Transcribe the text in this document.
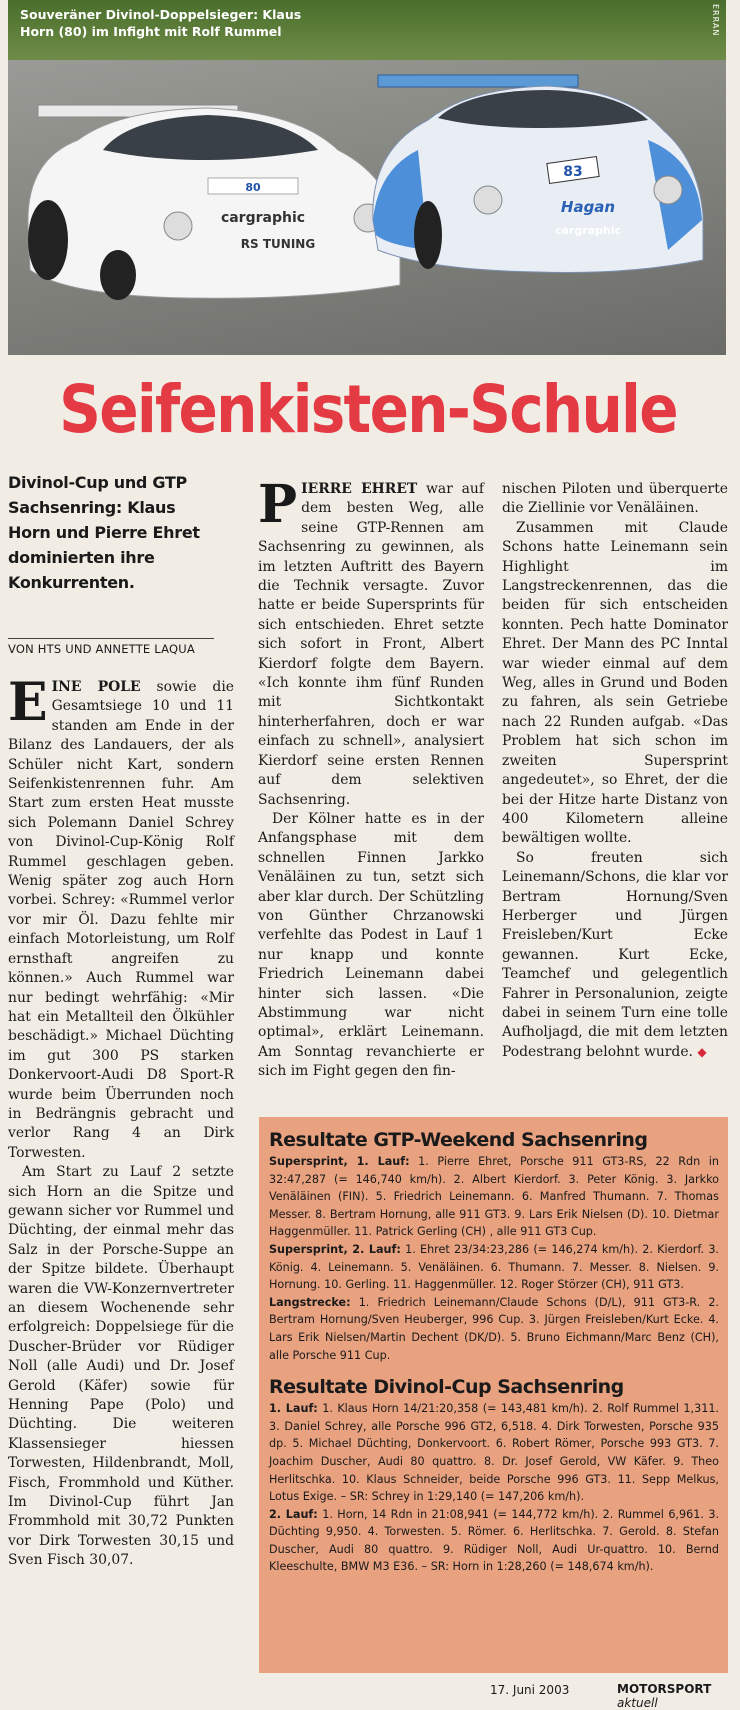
80
cargraphic
RS TUNING
83
Hagan
cargraphic
Souveräner Divinol-Doppelsieger: Klaus
Horn (80) im Infight mit Rolf Rummel	ERRAN
Seifenkisten-Schule
Divinol-Cup und GTP Sachsenring: Klaus Horn und Pierre Ehret dominierten ihre Konkurrenten.
VON HTS UND ANNETTE LAQUA

EINE POLE sowie die Gesamtsiege 10 und 11 standen am Ende in der Bilanz des Landauers, der als Schüler nicht Kart, sondern Seifenkistenrennen fuhr. Am Start zum ersten Heat musste sich Polemann Daniel Schrey von Divinol-Cup-König Rolf Rummel geschlagen geben. Wenig später zog auch Horn vorbei. Schrey: «Rummel verlor vor mir Öl. Dazu fehlte mir einfach Motorleistung, um Rolf ernsthaft angreifen zu können.» Auch Rummel war nur bedingt wehrfähig: «Mir hat ein Metallteil den Ölkühler beschädigt.» Michael Düchting im gut 300 PS starken Donkervoort-Audi D8 Sport-R wurde beim Überrunden noch in Bedrängnis gebracht und verlor Rang 4 an Dirk Torwesten.

Am Start zu Lauf 2 setzte sich Horn an die Spitze und gewann sicher vor Rummel und Düchting, der einmal mehr das Salz in der Porsche-Suppe an der Spitze bildete. Überhaupt waren die VW-Konzernvertreter an diesem Wochenende sehr erfolgreich: Doppelsiege für die Duscher-Brüder vor Rüdiger Noll (alle Audi) und Dr. Josef Gerold (Käfer) sowie für Henning Pape (Polo) und Düchting. Die weiteren Klassensieger hiessen Torwesten, Hildenbrandt, Moll, Fisch, Frommhold und Küther. Im Divinol-Cup führt Jan Frommhold mit 30,72 Punkten vor Dirk Torwesten 30,15 und Sven Fisch 30,07.

PIERRE EHRET war auf dem besten Weg, alle seine GTP-Rennen am Sachsenring zu gewinnen, als im letzten Auftritt des Bayern die Technik versagte. Zuvor hatte er beide Supersprints für sich entschieden. Ehret setzte sich sofort in Front, Albert Kierdorf folgte dem Bayern. «Ich konnte ihm fünf Runden mit Sichtkontakt hinterherfahren, doch er war einfach zu schnell», analysiert Kierdorf seine ersten Rennen auf dem selektiven Sachsenring.

Der Kölner hatte es in der Anfangsphase mit dem schnellen Finnen Jarkko Venäläinen zu tun, setzt sich aber klar durch. Der Schützling von Günther Chrzanowski verfehlte das Podest in Lauf 1 nur knapp und konnte Friedrich Leinemann dabei hinter sich lassen. «Die Abstimmung war nicht optimal», erklärt Leinemann. Am Sonntag revanchierte er sich im Fight gegen den fin-

nischen Piloten und überquerte die Ziellinie vor Venäläinen.

Zusammen mit Claude Schons hatte Leinemann sein Highlight im Langstreckenrennen, das die beiden für sich entscheiden konnten. Pech hatte Dominator Ehret. Der Mann des PC Inntal war wieder einmal auf dem Weg, alles in Grund und Boden zu fahren, als sein Getriebe nach 22 Runden aufgab. «Das Problem hat sich schon im zweiten Supersprint angedeutet», so Ehret, der die bei der Hitze harte Distanz von 400 Kilometern alleine bewältigen wollte.

So freuten sich Leinemann/Schons, die klar vor Bertram Hornung/Sven Herberger und Jürgen Freisleben/Kurt Ecke gewannen. Kurt Ecke, Teamchef und gelegentlich Fahrer in Personalunion, zeigte dabei in seinem Turn eine tolle Aufholjagd, die mit dem letzten Podestrang belohnt wurde. ◆

Resultate GTP-Weekend Sachsenring

Supersprint, 1. Lauf: 1. Pierre Ehret, Porsche 911 GT3-RS, 22 Rdn in 32:47,287 (= 146,740 km/h). 2. Albert Kierdorf. 3. Peter König. 3. Jarkko Venäläinen (FIN). 5. Friedrich Leinemann. 6. Manfred Thumann. 7. Thomas Messer. 8. Bertram Hornung, alle 911 GT3. 9. Lars Erik Nielsen (D). 10. Dietmar Haggenmüller. 11. Patrick Gerling (CH) , alle 911 GT3 Cup.

Supersprint, 2. Lauf: 1. Ehret 23/34:23,286 (= 146,274 km/h). 2. Kierdorf. 3. König. 4. Leinemann. 5. Venäläinen. 6. Thumann. 7. Messer. 8. Nielsen. 9. Hornung. 10. Gerling. 11. Haggenmüller. 12. Roger Störzer (CH), 911 GT3.

Langstrecke: 1. Friedrich Leinemann/Claude Schons (D/L), 911 GT3-R. 2. Bertram Hornung/Sven Heuberger, 996 Cup. 3. Jürgen Freisleben/Kurt Ecke. 4. Lars Erik Nielsen/Martin Dechent (DK/D). 5. Bruno Eichmann/Marc Benz (CH), alle Porsche 911 Cup.

Resultate Divinol-Cup Sachsenring

1. Lauf: 1. Klaus Horn 14/21:20,358 (= 143,481 km/h). 2. Rolf Rummel 1,311. 3. Daniel Schrey, alle Porsche 996 GT2, 6,518. 4. Dirk Torwesten, Porsche 935 dp. 5. Michael Düchting, Donkervoort. 6. Robert Römer, Porsche 993 GT3. 7. Joachim Duscher, Audi 80 quattro. 8. Dr. Josef Gerold, VW Käfer. 9. Theo Herlitschka. 10. Klaus Schneider, beide Porsche 996 GT3. 11. Sepp Melkus, Lotus Exige. – SR: Schrey in 1:29,140 (= 147,206 km/h).

2. Lauf: 1. Horn, 14 Rdn in 21:08,941 (= 144,772 km/h). 2. Rummel 6,961. 3. Düchting 9,950. 4. Torwesten. 5. Römer. 6. Herlitschka. 7. Gerold. 8. Stefan Duscher, Audi 80 quattro. 9. Rüdiger Noll, Audi Ur-quattro. 10. Bernd Kleeschulte, BMW M3 E36. – SR: Horn in 1:28,260 (= 148,674 km/h).

17. Juni 2003	MOTORSPORT aktuell
